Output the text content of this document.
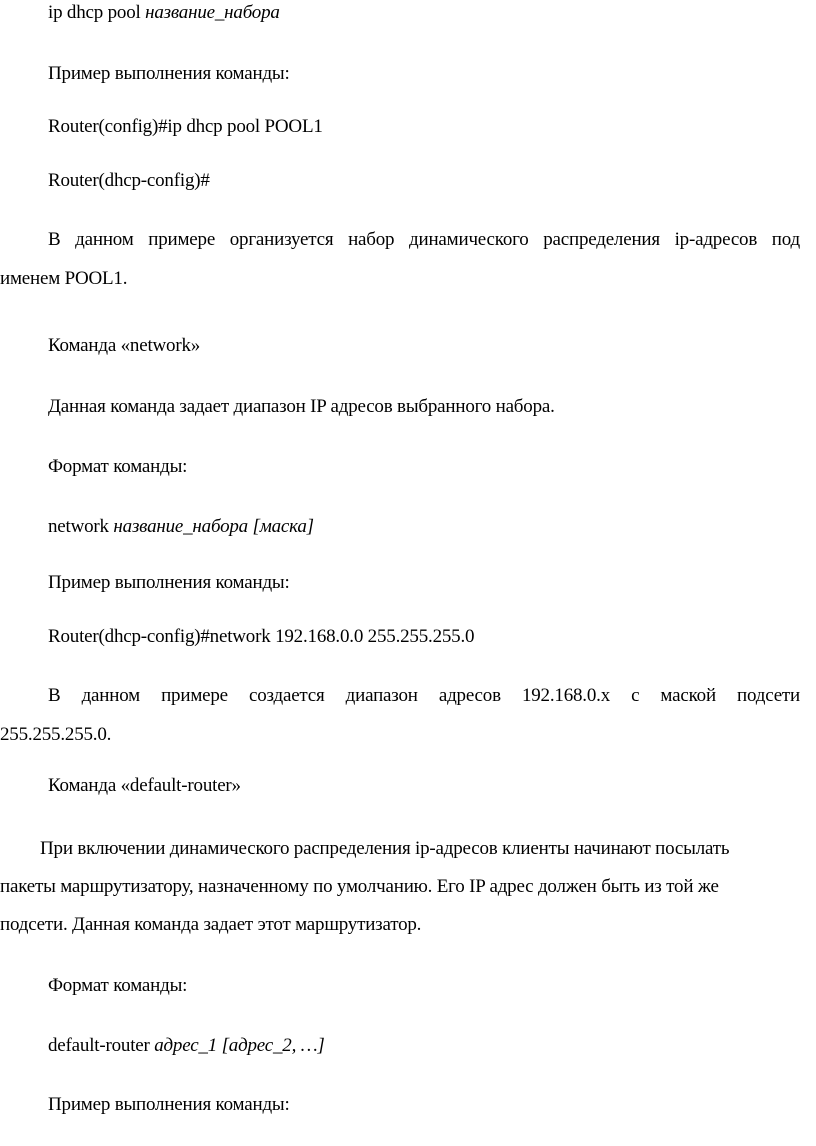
ip dhcp pool название_набора
Пример выполнения команды:
Router(config)#ip dhcp pool POOL1
Router(dhcp-config)#
В данном примере организуется набор динамического распределения ip-адресов под
именем POOL1.
Команда «network»
Данная команда задает диапазон IP адресов выбранного набора.
Формат команды:
network название_набора [маска]
Пример выполнения команды:
Router(dhcp-config)#network 192.168.0.0 255.255.255.0
В данном примере создается диапазон адресов 192.168.0.x с маской подсети
255.255.255.0.
Команда «default-router»
При включении динамического распределения ip-адресов клиенты начинают посылать
пакеты маршрутизатору, назначенному по умолчанию. Его IP адрес должен быть из той же
подсети. Данная команда задает этот маршрутизатор.
Формат команды:
default-router адрес_1 [адрес_2, …]
Пример выполнения команды:
